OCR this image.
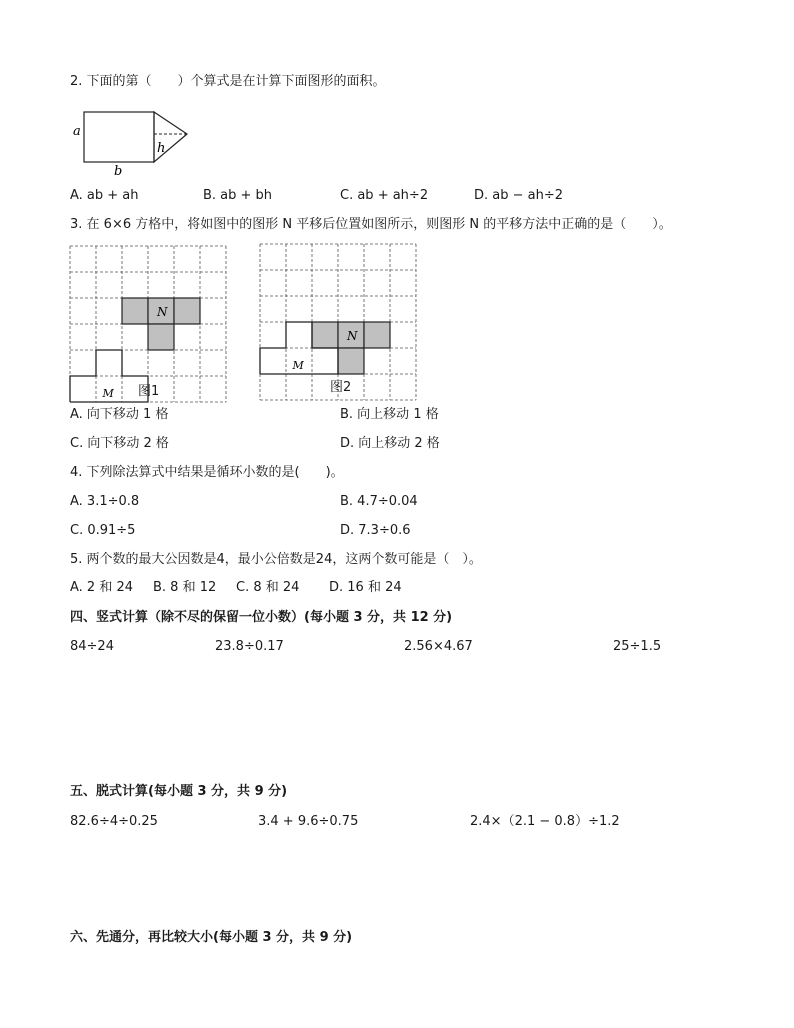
2. 下面的第（　　）个算式是在计算下面图形的面积。
a
b
h
A. ab + ah	B. ab + bh	C. ab + ah÷2	D. ab − ah÷2
3. 在 6×6 方格中，将如图中的图形 N 平移后位置如图所示，则图形 N 的平移方法中正确的是（　　）。
N
M 图1
N
M
图2
A. 向下移动 1 格	B. 向上移动 1 格
C. 向下移动 2 格	D. 向上移动 2 格
4. 下列除法算式中结果是循环小数的是(　　)。
A. 3.1÷0.8	B. 4.7÷0.04
C. 0.91÷5	D. 7.3÷0.6
5. 两个数的最大公因数是4，最小公倍数是24，这两个数可能是（　）。
A. 2 和 24 B. 8 和 12 C. 8 和 24 D. 16 和 24
四、竖式计算（除不尽的保留一位小数）(每小题 3 分，共 12 分)
84÷24	23.8÷0.17	2.56×4.67	25÷1.5
五、脱式计算(每小题 3 分，共 9 分)
82.6÷4÷0.25	3.4 + 9.6÷0.75	2.4×（2.1 − 0.8）÷1.2
六、先通分，再比较大小(每小题 3 分，共 9 分)
